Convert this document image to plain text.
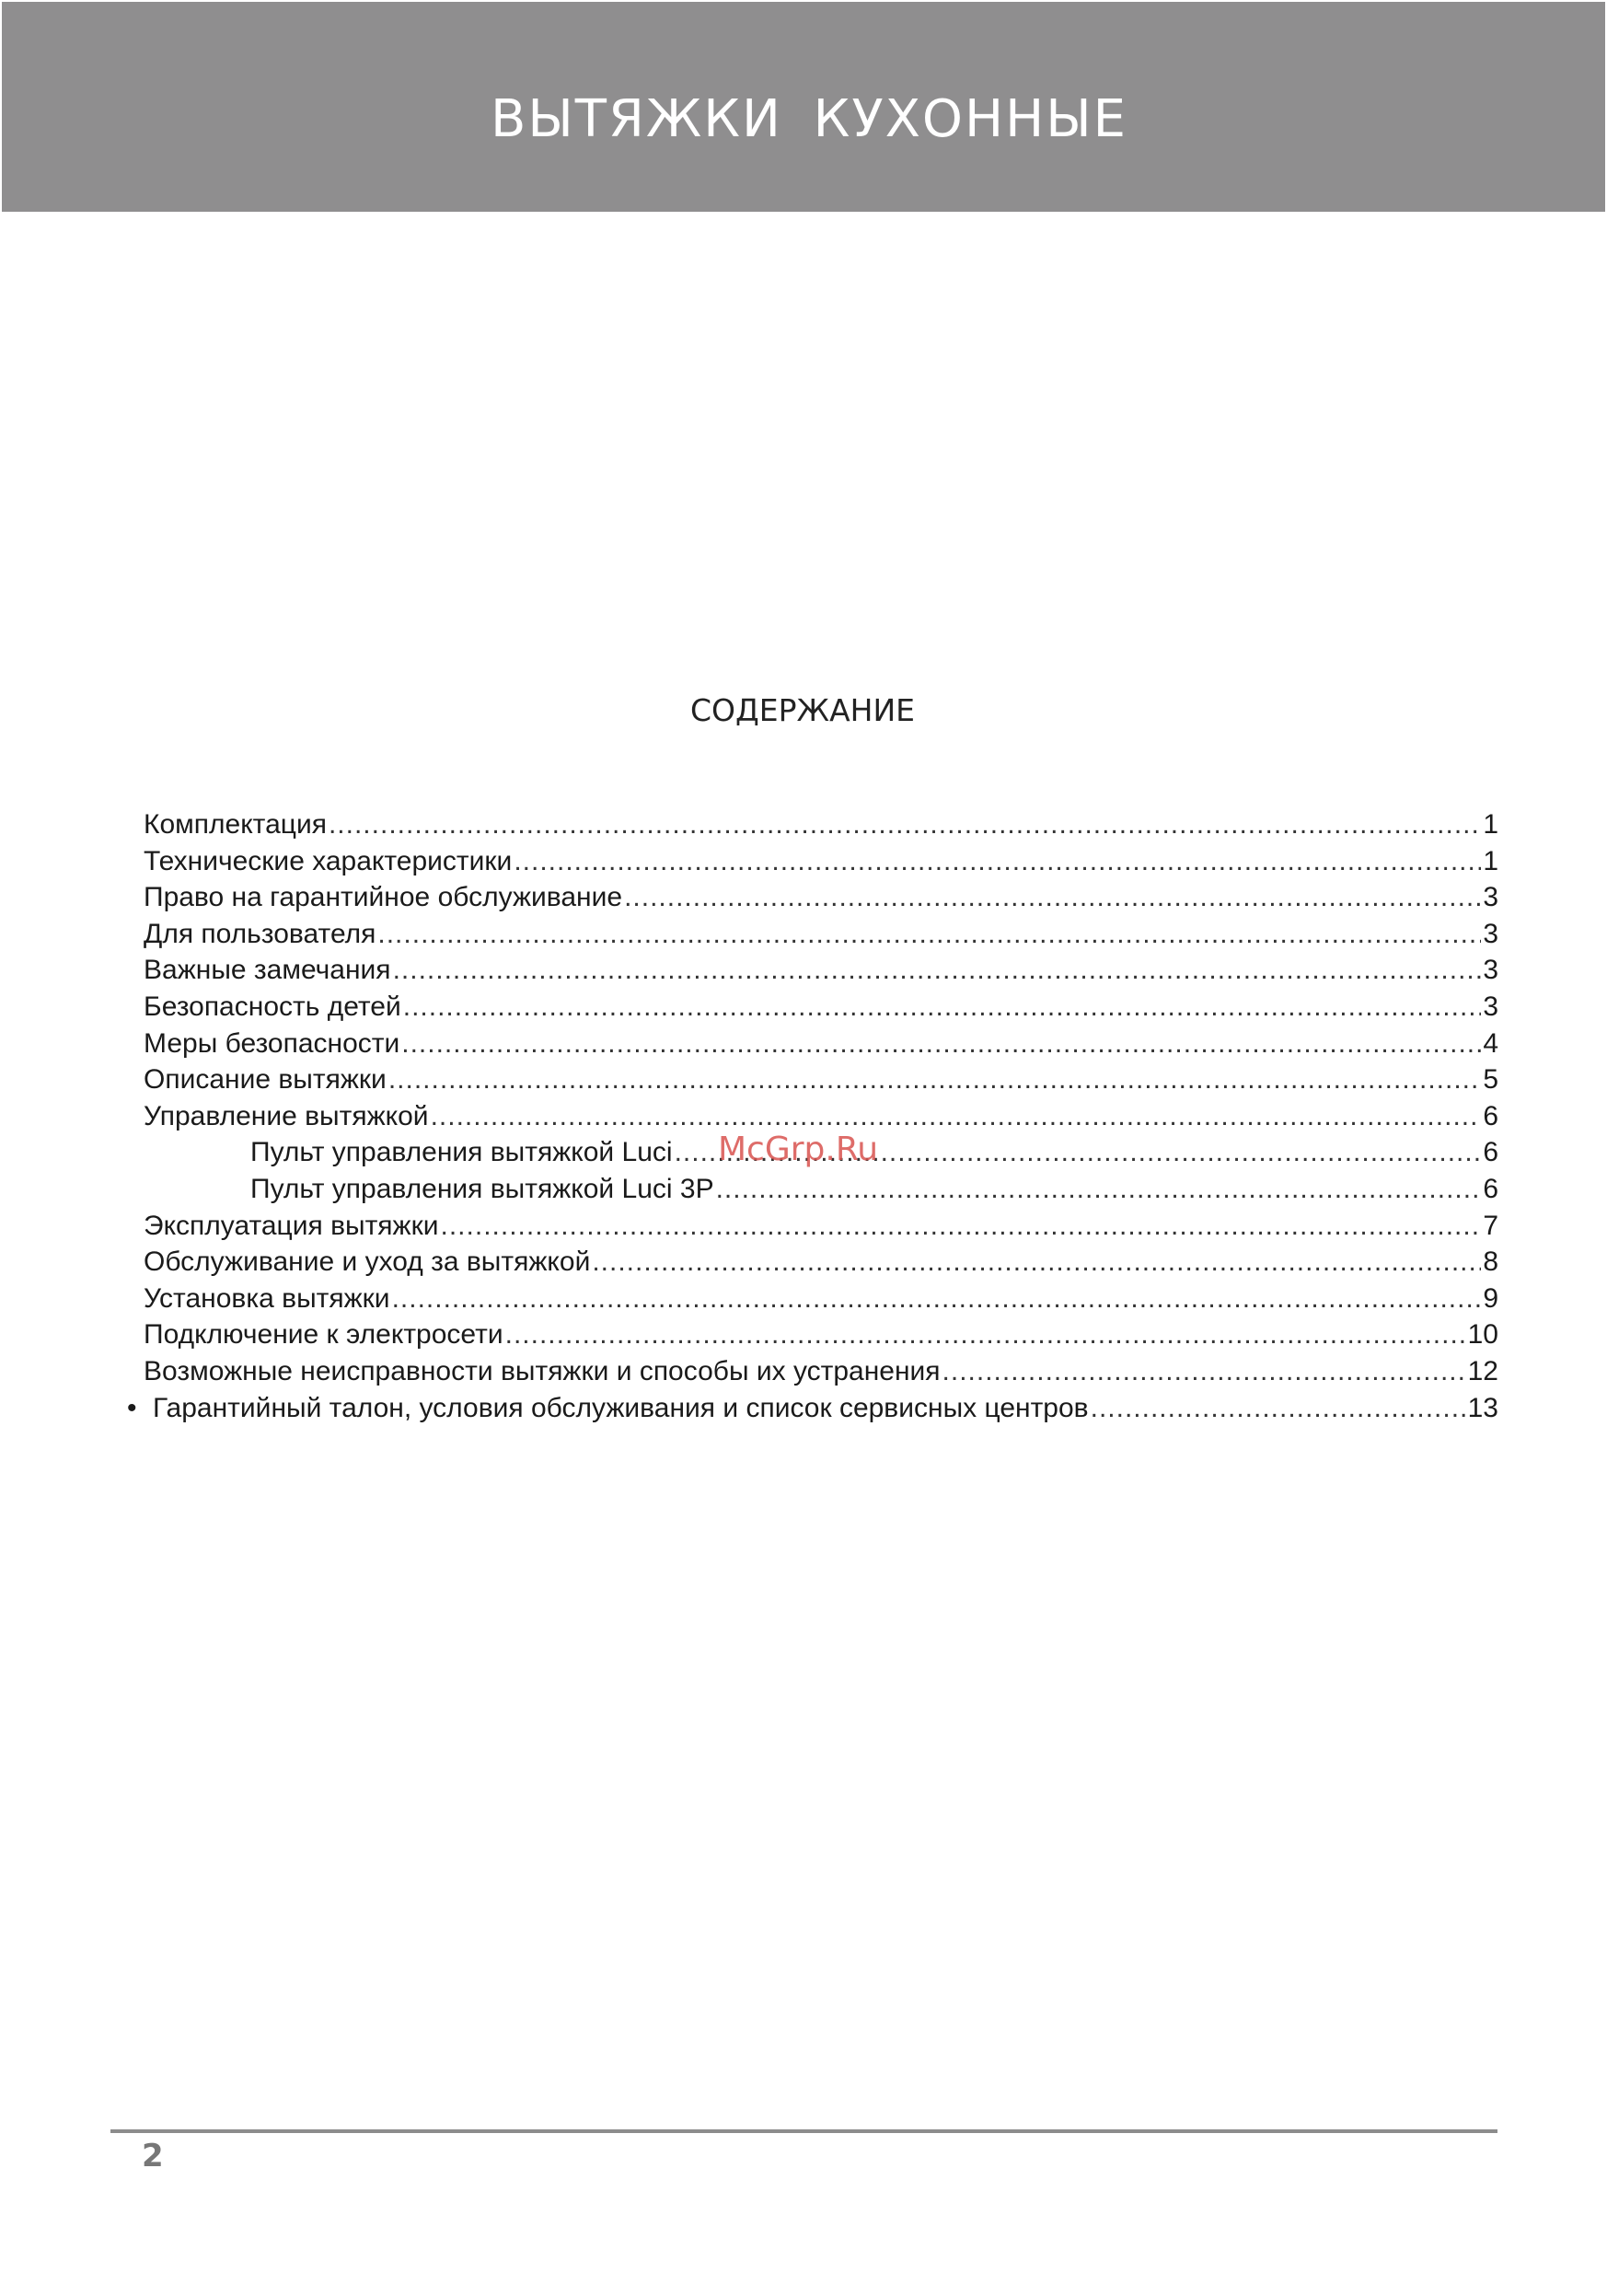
ВЫТЯЖКИ КУХОННЫЕ
СОДЕРЖАНИЕ
Комплектация .....	1
Технические характеристики .....	1
Право на гарантийное обслуживание .....	3
Для пользователя .....	3
Важные замечания .....	3
Безопасность детей .....	3
Меры безопасности .....	4
Описание вытяжки .....	5
Управление вытяжкой .....	6
Пульт управления вытяжкой Luci .....	6
Пульт управления вытяжкой Luci 3P .....	6
Эксплуатация вытяжки .....	7
Обслуживание и уход за вытяжкой .....	8
Установка вытяжки .....	9
Подключение к электросети .....	10
Возможные неисправности вытяжки и способы их устранения .....	12
• Гарантийный талон, условия обслуживания и список сервисных центров .....	13
McGrp.Ru
2
